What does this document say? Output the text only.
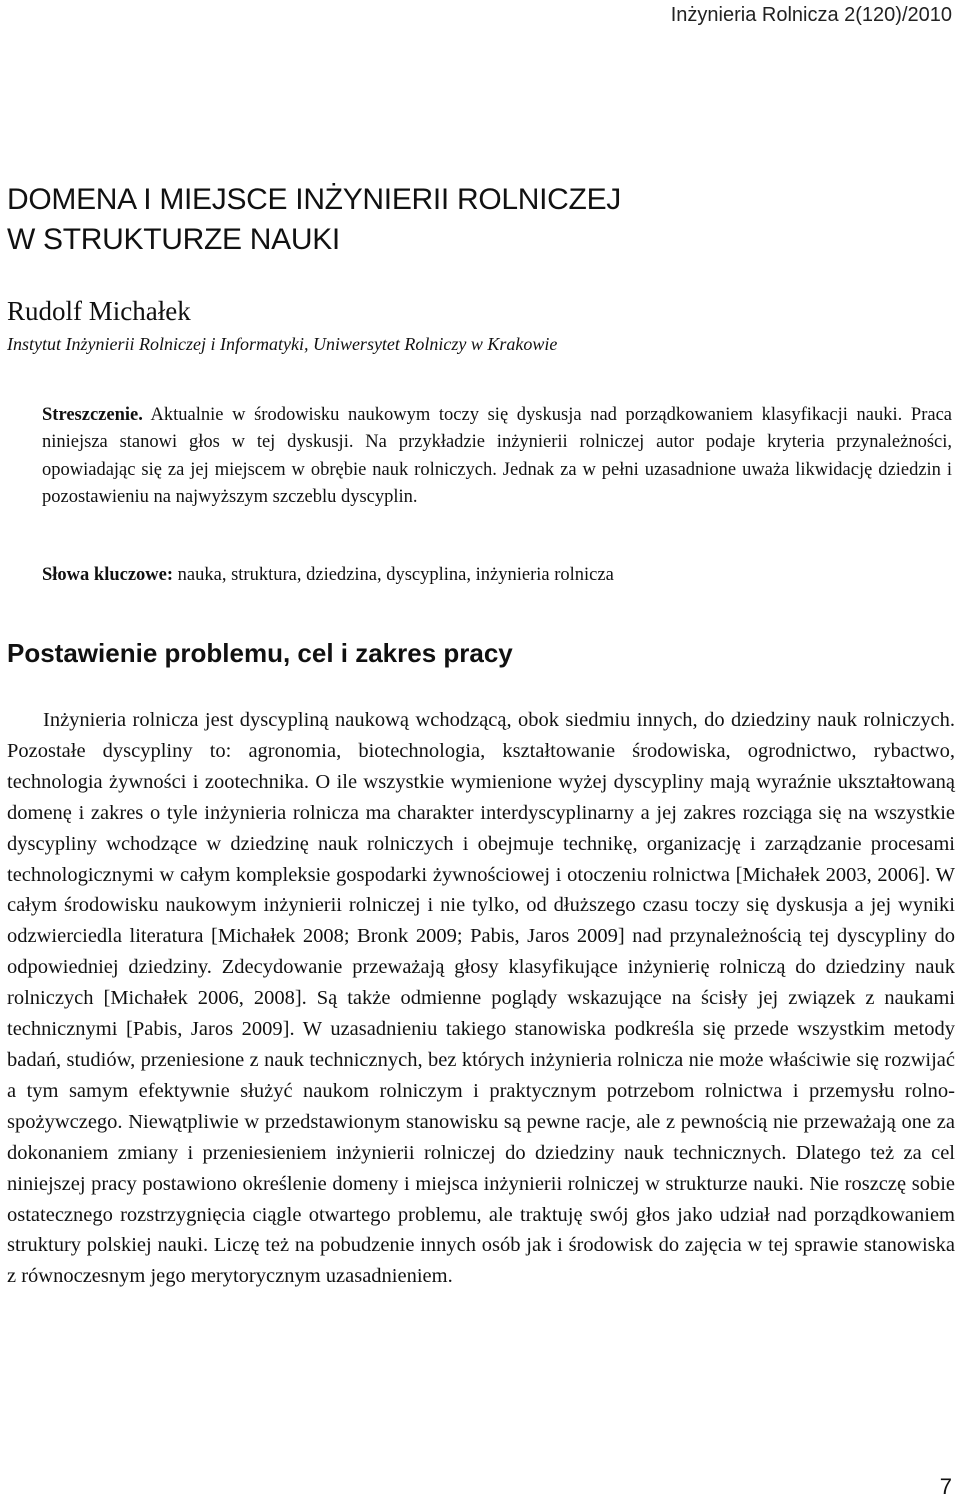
Inżynieria Rolnicza 2(120)/2010
DOMENA I MIEJSCE INŻYNIERII ROLNICZEJ
W STRUKTURZE NAUKI
Rudolf Michałek
Instytut Inżynierii Rolniczej i Informatyki, Uniwersytet Rolniczy w Krakowie

Streszczenie. Aktualnie w środowisku naukowym toczy się dyskusja nad porządkowaniem klasyfikacji nauki. Praca niniejsza stanowi głos w tej dyskusji. Na przykładzie inżynierii rolniczej autor podaje kryteria przynależności, opowiadając się za jej miejscem w obrębie nauk rolniczych. Jednak za w pełni uzasadnione uważa likwidację dziedzin i pozostawieniu na najwyższym szczeblu dyscyplin.

Słowa kluczowe: nauka, struktura, dziedzina, dyscyplina, inżynieria rolnicza

Postawienie problemu, cel i zakres pracy

Inżynieria rolnicza jest dyscypliną naukową wchodzącą, obok siedmiu innych, do dziedziny nauk rolniczych. Pozostałe dyscypliny to: agronomia, biotechnologia, kształtowanie środowiska, ogrodnictwo, rybactwo, technologia żywności i zootechnika. O ile wszystkie wymienione wyżej dyscypliny mają wyraźnie ukształtowaną domenę i zakres o tyle inżynieria rolnicza ma charakter interdyscyplinarny a jej zakres rozciąga się na wszystkie dyscypliny wchodzące w dziedzinę nauk rolniczych i obejmuje technikę, organizację i zarządzanie procesami technologicznymi w całym kompleksie gospodarki żywnościowej i otoczeniu rolnictwa [Michałek 2003, 2006]. W całym środowisku naukowym inżynierii rolniczej i nie tylko, od dłuższego czasu toczy się dyskusja a jej wyniki odzwierciedla literatura [Michałek 2008; Bronk 2009; Pabis, Jaros 2009] nad przynależnością tej dyscypliny do odpowiedniej dziedziny. Zdecydowanie przeważają głosy klasyfikujące inżynierię rolniczą do dziedziny nauk rolniczych [Michałek 2006, 2008]. Są także odmienne poglądy wskazujące na ścisły jej związek z naukami technicznymi [Pabis, Jaros 2009]. W uzasadnieniu takiego stanowiska podkreśla się przede wszystkim metody badań, studiów, przeniesione z nauk technicznych, bez których inżynieria rolnicza nie może właściwie się rozwijać a tym samym efektywnie służyć naukom rolniczym i praktycznym potrzebom rolnictwa i przemysłu rolno-spożywczego. Niewątpliwie w przedstawionym stanowisku są pewne racje, ale z pewnością nie przeważają one za dokonaniem zmiany i przeniesieniem inżynierii rolniczej do dziedziny nauk technicznych. Dlatego też za cel niniejszej pracy postawiono określenie domeny i miejsca inżynierii rolniczej w strukturze nauki. Nie roszczę sobie ostatecznego rozstrzygnięcia ciągle otwartego problemu, ale traktuję swój głos jako udział nad porządkowaniem struktury polskiej nauki. Liczę też na pobudzenie innych osób jak i środowisk do zajęcia w tej sprawie stanowiska z równoczesnym jego merytorycznym uzasadnieniem.

7
